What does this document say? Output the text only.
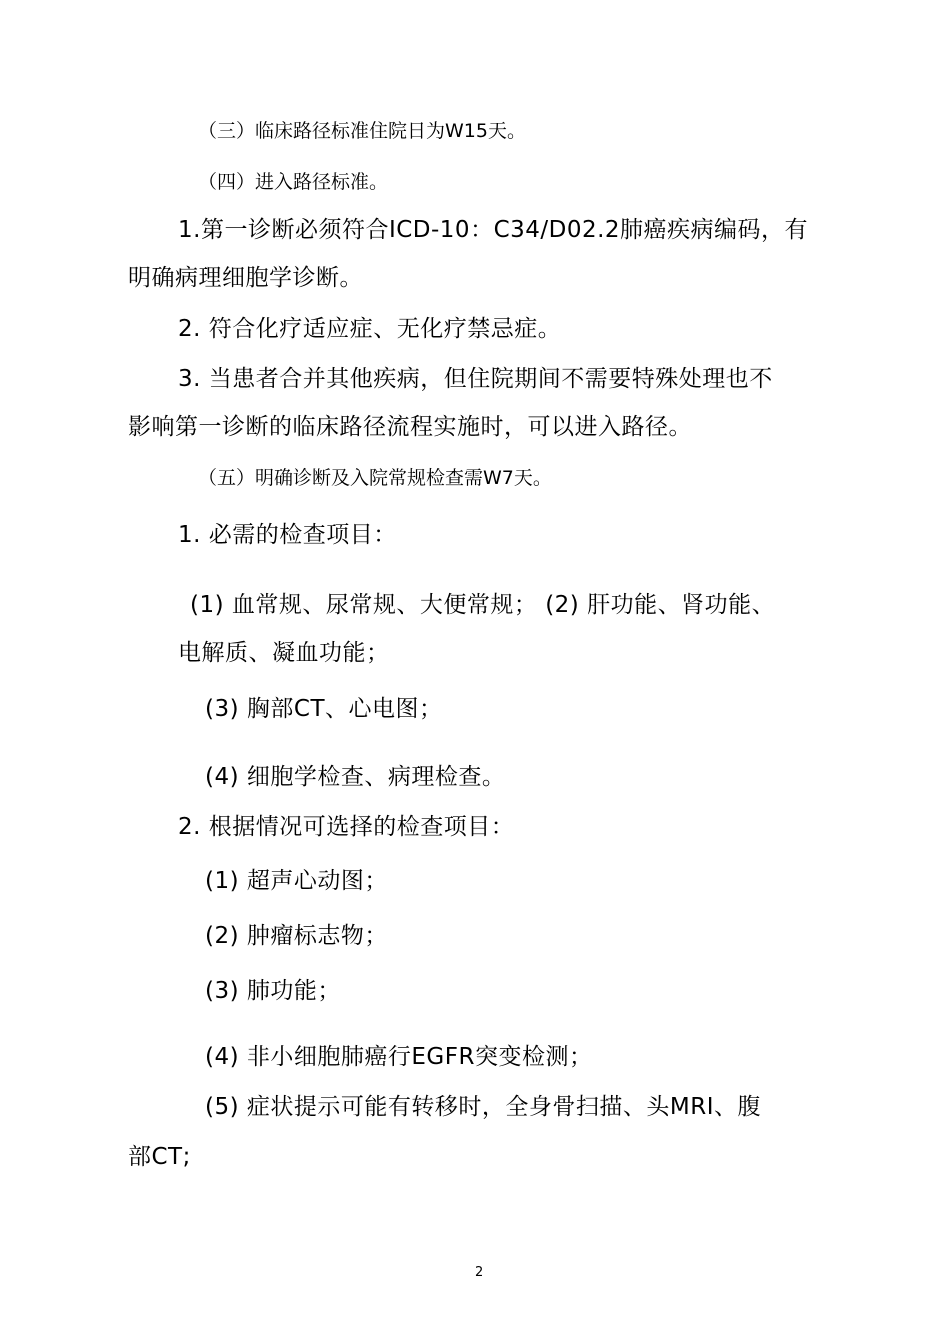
（三）临床路径标准住院日为W15天。
（四）进入路径标准。
1.第一诊断必须符合ICD-10：C34/D02.2肺癌疾病编码，有
明确病理细胞学诊断。
2. 符合化疗适应症、无化疗禁忌症。
3. 当患者合并其他疾病，但住院期间不需要特殊处理也不
影响第一诊断的临床路径流程实施时，可以进入路径。
（五）明确诊断及入院常规检查需W7天。
1. 必需的检查项目：
(1) 血常规、尿常规、大便常规； (2) 肝功能、肾功能、
电解质、凝血功能；
(3) 胸部CT、心电图；
(4) 细胞学检查、病理检查。
2. 根据情况可选择的检查项目：
(1) 超声心动图；
(2) 肿瘤标志物；
(3) 肺功能；
(4) 非小细胞肺癌行EGFR突变检测；
(5) 症状提示可能有转移时，全身骨扫描、头MRI、腹
部CT;
2
